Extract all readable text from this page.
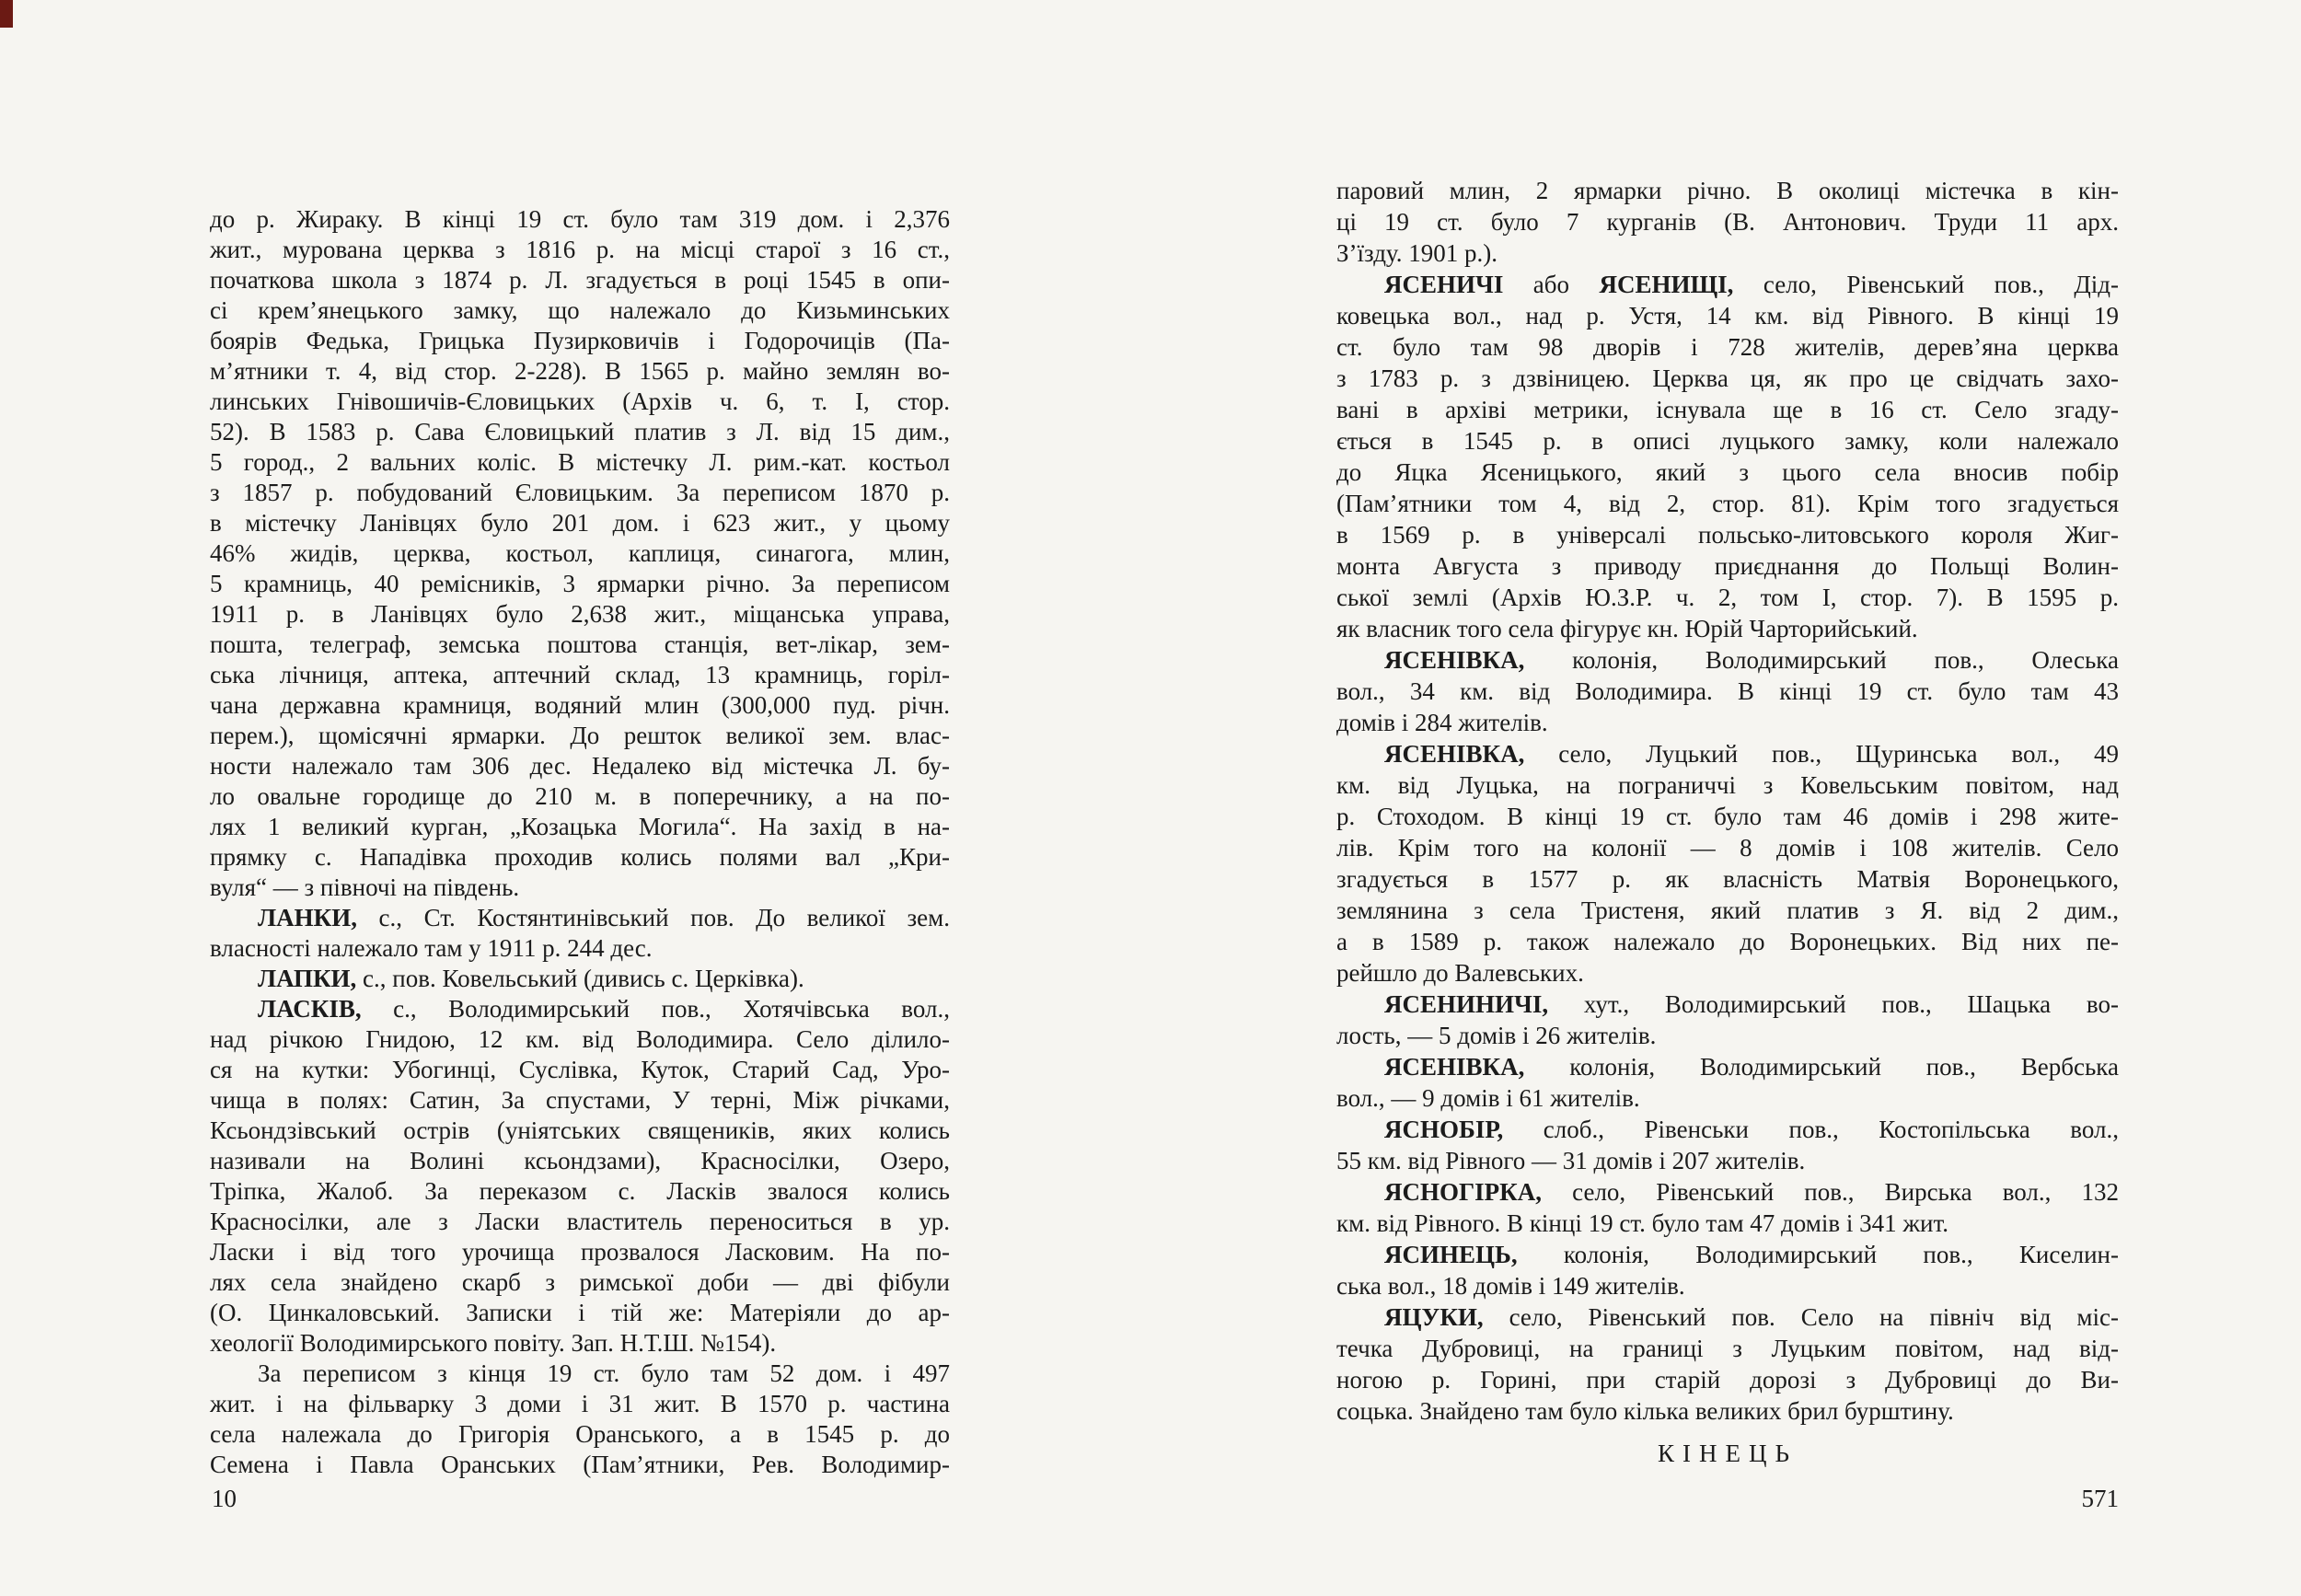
до р. Жираку. В кінці 19 ст. було там 319 дом. і 2,376
жит., мурована церква з 1816 р. на місці старої з 16 ст.,
початкова школа з 1874 р. Л. згадується в році 1545 в опи-
сі крем’янецького замку, що належало до Кизьминських
боярів Федька, Грицька Пузирковичів і Годорочиців (Па-
м’ятники т. 4, від стор. 2-228). В 1565 р. майно землян во-
линських Гнівошичів-Єловицьких (Архів ч. 6, т. I, стор.
52). В 1583 р. Сава Єловицький платив з Л. від 15 дим.,
5 город., 2 вальних коліс. В містечку Л. рим.-кат. костьол
з 1857 р. побудований Єловицьким. За переписом 1870 р.
в містечку Ланівцях було 201 дом. і 623 жит., у цьому
46% жидів, церква, костьол, каплиця, синагога, млин,
5 крамниць, 40 ремісників, 3 ярмарки річно. За переписом
1911 р. в Ланівцях було 2,638 жит., міщанська управа,
пошта, телеграф, земська поштова станція, вет-лікар, зем-
ська лічниця, аптека, аптечний склад, 13 крамниць, горіл-
чана державна крамниця, водяний млин (300,000 пуд. річн.
перем.), щомісячні ярмарки. До решток великої зем. влас-
ности належало там 306 дес. Недалеко від містечка Л. бу-
ло овальне городище до 210 м. в поперечнику, а на по-
лях 1 великий курган, „Козацька Могила“. На захід в на-
прямку с. Нападівка проходив колись полями вал „Кри-
вуля“ — з півночі на південь.
ЛАНКИ, с., Ст. Костянтинівський пов. До великої зем.
власності належало там у 1911 р. 244 дес.
ЛАПКИ, с., пов. Ковельський (дивись с. Церківка).
ЛАСКІВ, с., Володимирський пов., Хотячівська вол.,
над річкою Гнидою, 12 км. від Володимира. Село ділило-
ся на кутки: Убогинці, Суслівка, Куток, Старий Сад, Уро-
чища в полях: Сатин, За спустами, У терні, Між річками,
Ксьондзівський острів (уніятських священиків, яких колись
називали на Волині ксьондзами), Красносілки, Озеро,
Тріпка, Жалоб. За переказом с. Ласків звалося колись
Красносілки, але з Ласки властитель переноситься в ур.
Ласки і від того урочища прозвалося Ласковим. На по-
лях села знайдено скарб з римської доби — дві фібули
(О. Цинкаловський. Записки і тій же: Матеріяли до ар-
хеології Володимирського повіту. Зап. Н.Т.Ш. №154).
За переписом з кінця 19 ст. було там 52 дом. і 497
жит. і на фільварку 3 доми і 31 жит. В 1570 р. частина
села належала до Григорія Оранського, а в 1545 р. до
Семена і Павла Оранських (Пам’ятники, Рев. Володимир-
10
паровий млин, 2 ярмарки річно. В околиці містечка в кін-
ці 19 ст. було 7 курганів (В. Антонович. Труди 11 арх.
З’їзду. 1901 р.).
ЯСЕНИЧІ або ЯСЕНИЩІ, село, Рівенський пов., Дід-
ковецька вол., над р. Устя, 14 км. від Рівного. В кінці 19
ст. було там 98 дворів і 728 жителів, дерев’яна церква
з 1783 р. з дзвіницею. Церква ця, як про це свідчать захо-
вані в архіві метрики, існувала ще в 16 ст. Село згаду-
ється в 1545 р. в описі луцького замку, коли належало
до Яцка Ясеницького, який з цього села вносив побір
(Пам’ятники том 4, від 2, стор. 81). Крім того згадується
в 1569 р. в універсалі польсько-литовського короля Жиг-
монта Августа з приводу приєднання до Польщі Волин-
ської землі (Архів Ю.З.Р. ч. 2, том I, стор. 7). В 1595 р.
як власник того села фігурує кн. Юрій Чарторийський.
ЯСЕНІВКА, колонія, Володимирський пов., Олеська
вол., 34 км. від Володимира. В кінці 19 ст. було там 43
домів і 284 жителів.
ЯСЕНІВКА, село, Луцький пов., Щуринська вол., 49
км. від Луцька, на пограниччі з Ковельським повітом, над
р. Стоходом. В кінці 19 ст. було там 46 домів і 298 жите-
лів. Крім того на колонії — 8 домів і 108 жителів. Село
згадується в 1577 р. як власність Матвія Воронецького,
землянина з села Тристеня, який платив з Я. від 2 дим.,
а в 1589 р. також належало до Воронецьких. Від них пе-
рейшло до Валевських.
ЯСЕНИНИЧІ, хут., Володимирський пов., Шацька во-
лость, — 5 домів і 26 жителів.
ЯСЕНІВКА, колонія, Володимирський пов., Вербська
вол., — 9 домів і 61 жителів.
ЯСНОБІР, слоб., Рівенськи пов., Костопільська вол.,
55 км. від Рівного — 31 домів і 207 жителів.
ЯСНОГІРКА, село, Рівенський пов., Вирська вол., 132
км. від Рівного. В кінці 19 ст. було там 47 домів і 341 жит.
ЯСИНЕЦЬ, колонія, Володимирський пов., Киселин-
ська вол., 18 домів і 149 жителів.
ЯЦУКИ, село, Рівенський пов. Село на північ від міс-
течка Дубровиці, на границі з Луцьким повітом, над від-
ногою р. Горині, при старій дорозі з Дубровиці до Ви-
соцька. Знайдено там було кілька великих брил бурштину.
КІНЕЦЬ
571
